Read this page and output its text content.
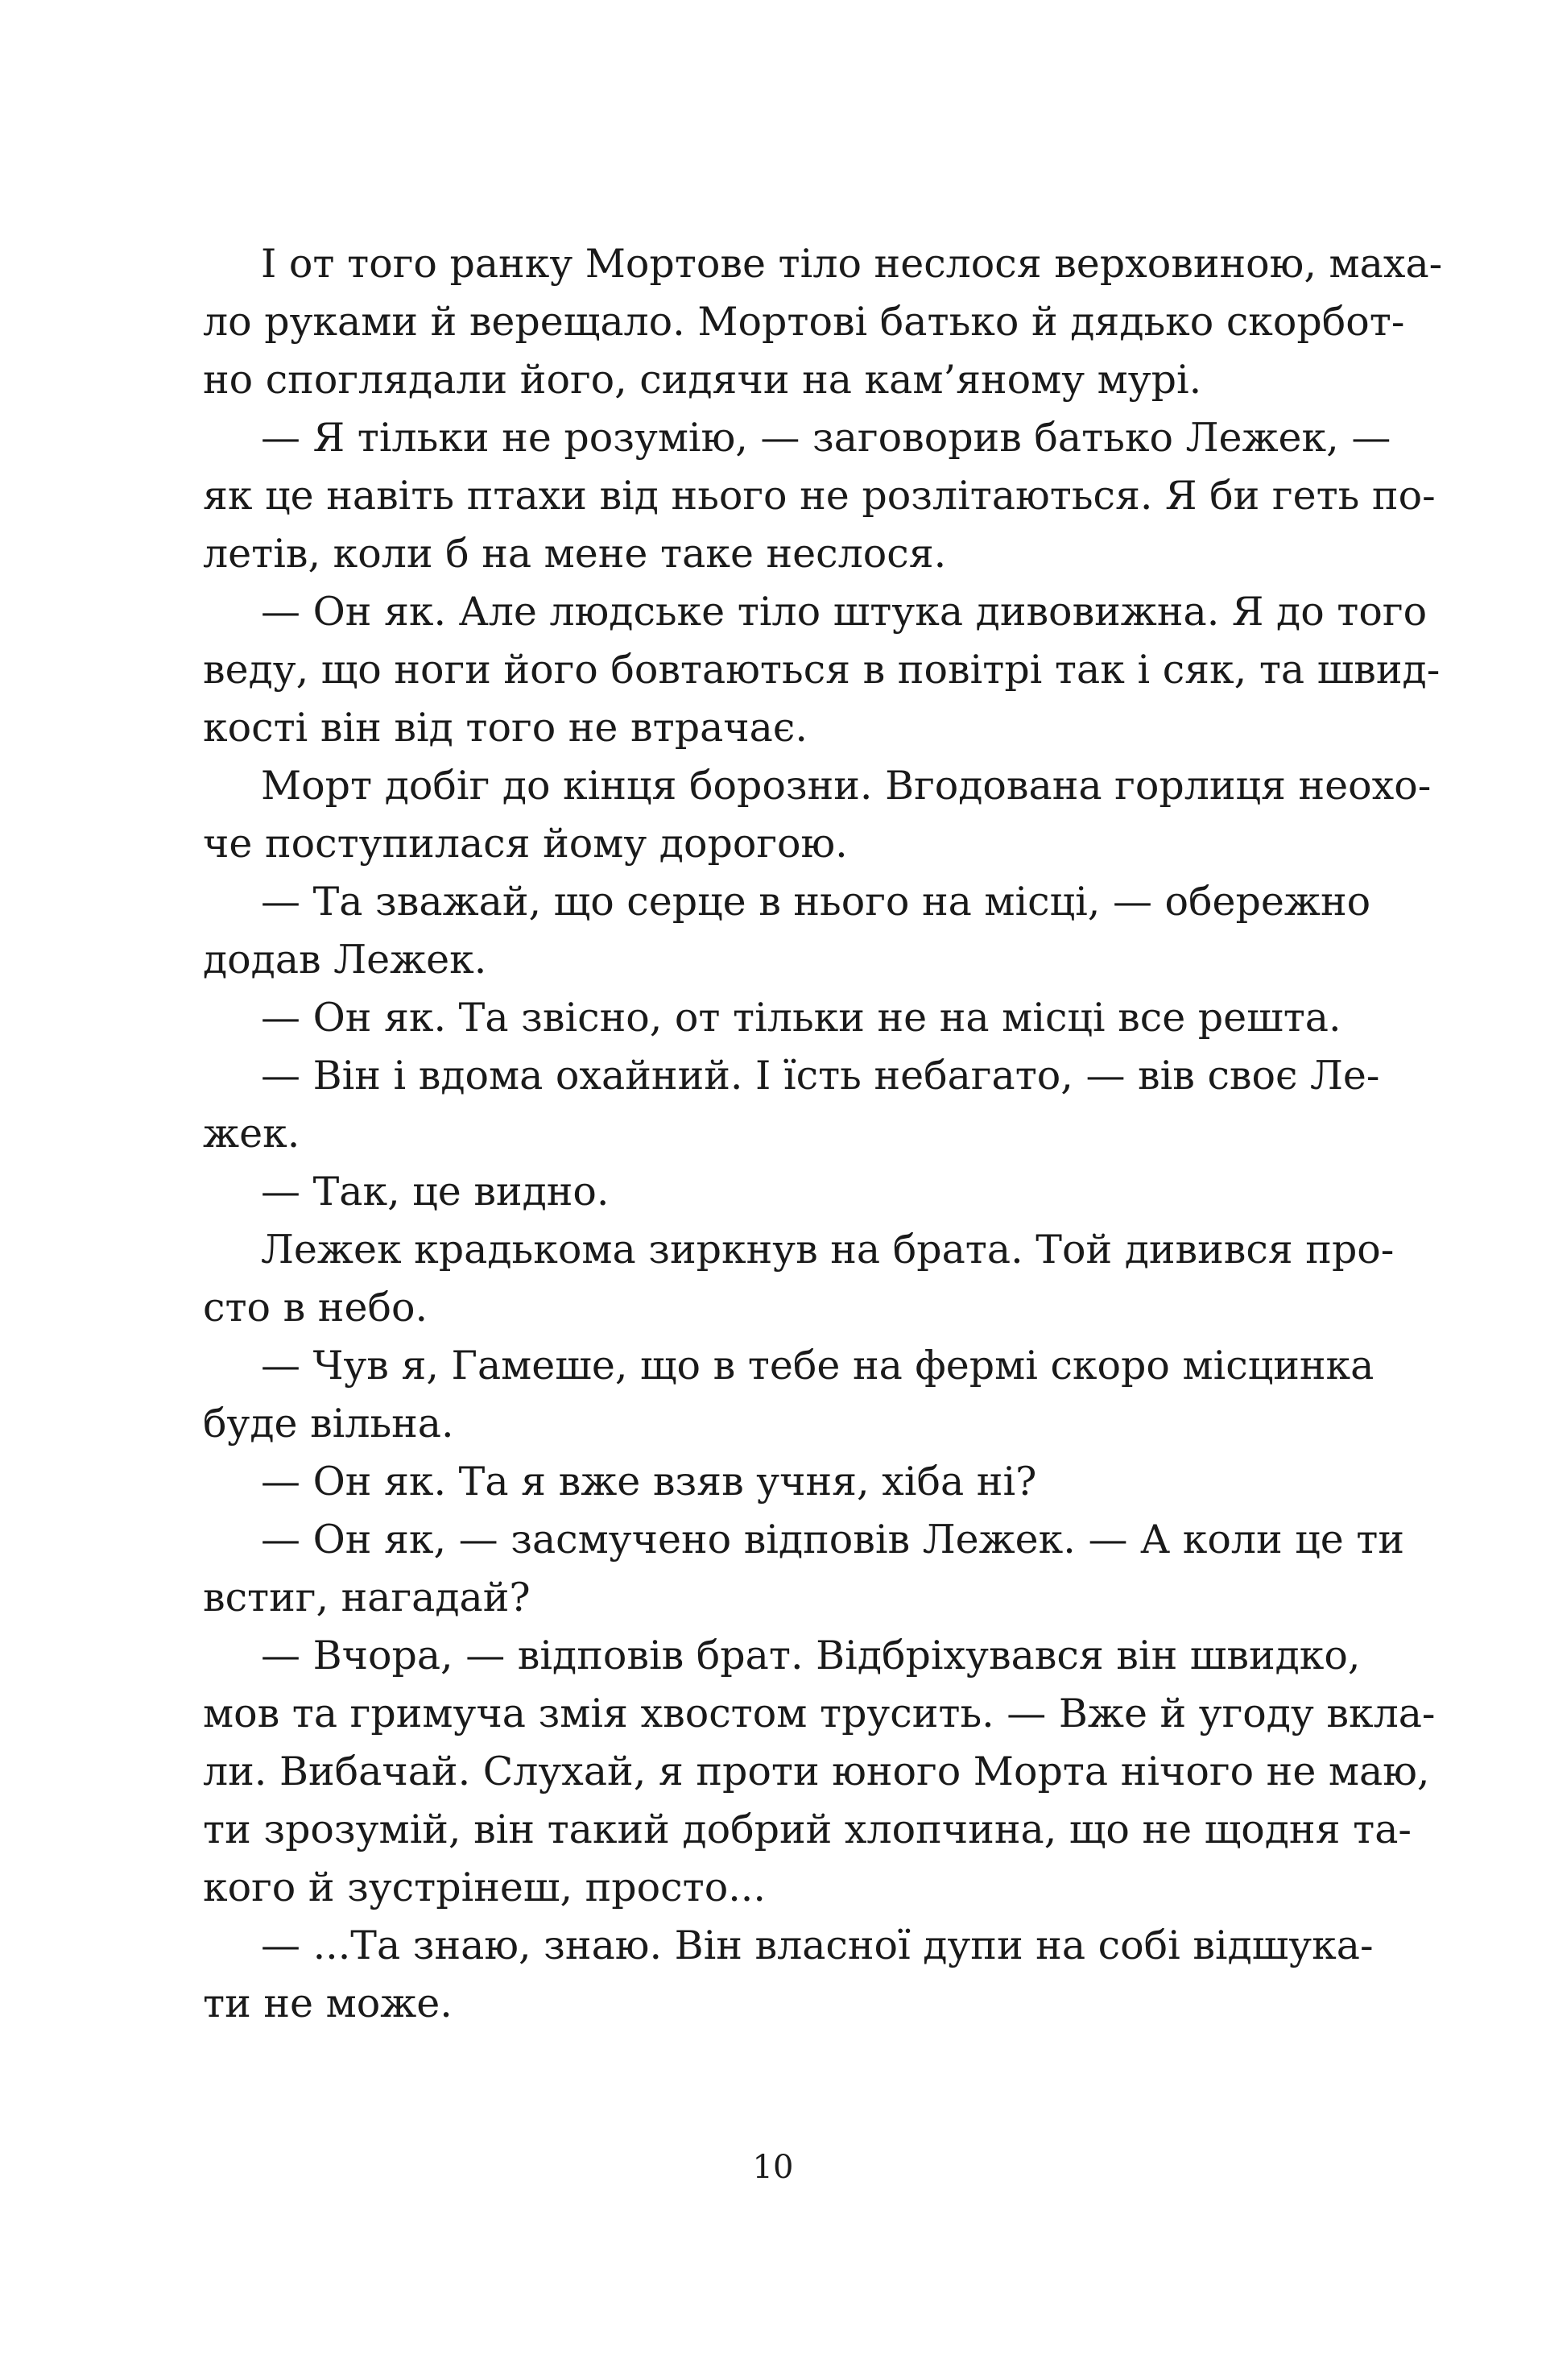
І от того ранку Мортове тіло неслося верховиною, маха-
ло руками й верещало. Мортові батько й дядько скорбот-
но споглядали його, сидячи на кам’яному мурі.
— Я тільки не розумію, — заговорив батько Лежек, —
як це навіть птахи від нього не розлітаються. Я би геть по-
летів, коли б на мене таке неслося.
— Он як. Але людське тіло штука дивовижна. Я до того
веду, що ноги його бовтаються в повітрі так і сяк, та швид-
кості він від того не втрачає.
Морт добіг до кінця борозни. Вгодована горлиця неохо-
че поступилася йому дорогою.
— Та зважай, що серце в нього на місці, — обережно
додав Лежек.
— Он як. Та звісно, от тільки не на місці все решта.
— Він і вдома охайний. І їсть небагато, — вів своє Ле-
жек.
— Так, це видно.
Лежек крадькома зиркнув на брата. Той дивився про-
сто в небо.
— Чув я, Гамеше, що в тебе на фермі скоро місцинка
буде вільна.
— Он як. Та я вже взяв учня, хіба ні?
— Он як, — засмучено відповів Лежек. — А коли це ти
встиг, нагадай?
— Вчора, — відповів брат. Відбріхувався він швидко,
мов та гримуча змія хвостом трусить. — Вже й угоду вкла-
ли. Вибачай. Слухай, я проти юного Морта нічого не маю,
ти зрозумій, він такий добрий хлопчина, що не щодня та-
кого й зустрінеш, просто...
— ...Та знаю, знаю. Він власної дупи на собі відшука-
ти не може.
10
